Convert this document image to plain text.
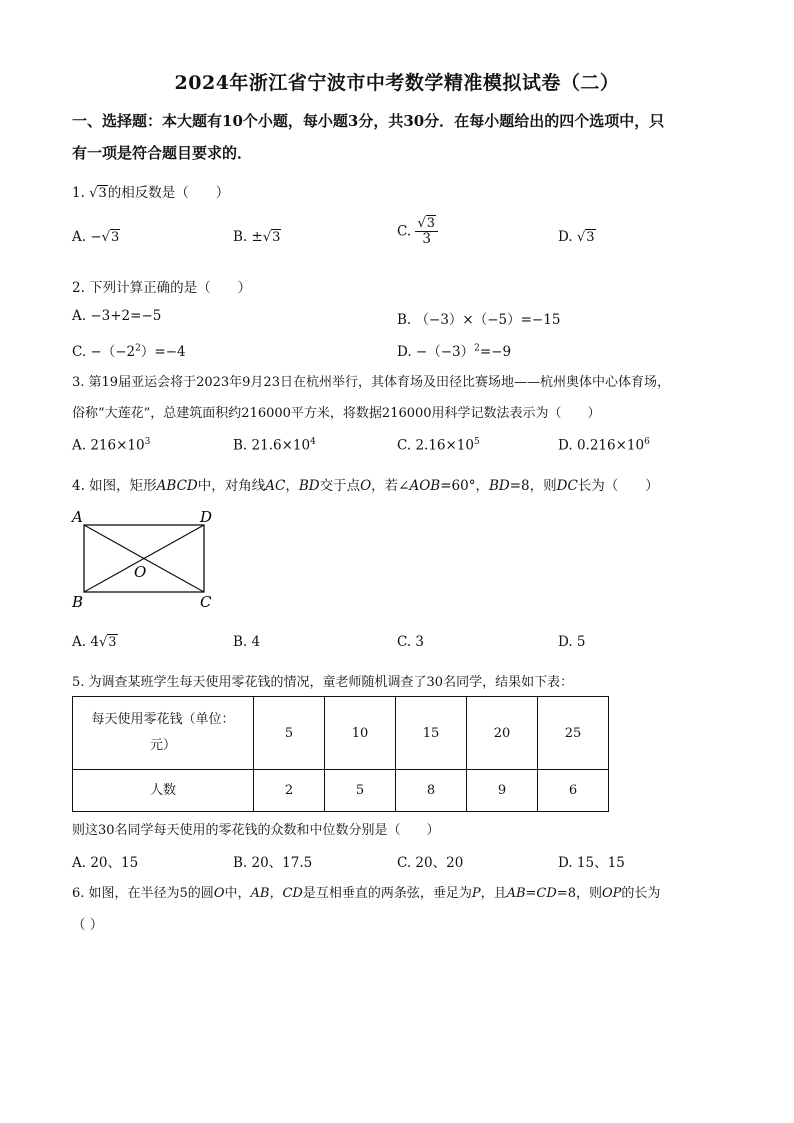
2024年浙江省宁波市中考数学精准模拟试卷（二）
一、选择题：本大题有10个小题，每小题3分，共30分．在每小题给出的四个选项中，只
有一项是符合题目要求的．
1. √3的相反数是（　　）
A. −√3	B. ±√3	C. $\frac{√3}{3}$	D. √3
2. 下列计算正确的是（　　）
A. −3+2=−5	B. （−3）×（−5）=−15
C. $-(-2^2)=-4$	D. $-(-3)^2=-9$
3. 第19届亚运会将于2023年9月23日在杭州举行，其体育场及田径比赛场地——杭州奥体中心体育场，
俗称“大莲花”，总建筑面积约216000平方米，将数据216000用科学记数法表示为（　　）
A. $216\times 10^3$	B. $21.6\times 10^4$	C. $2.16\times 10^5$	D. $0.216\times 10^6$
4. 如图，矩形ABCD中，对角线AC，BD交于点O，若∠AOB=60°，BD=8，则DC长为（　　）
A	D
B	C
O
A. 4√3	B. 4	C. 3	D. 5
5. 为调查某班学生每天使用零花钱的情况，童老师随机调查了30名同学，结果如下表：
每天使用零花钱（单位：
元）	5	10	15	20	25
人数	2	5	8	9	6
则这30名同学每天使用的零花钱的众数和中位数分别是（　　）
A. 20、15	B. 20、17.5	C. 20、20	D. 15、15
6. 如图，在半径为5的圆O中，AB，CD是互相垂直的两条弦，垂足为P，且AB=CD=8，则OP的长为
（ ）
